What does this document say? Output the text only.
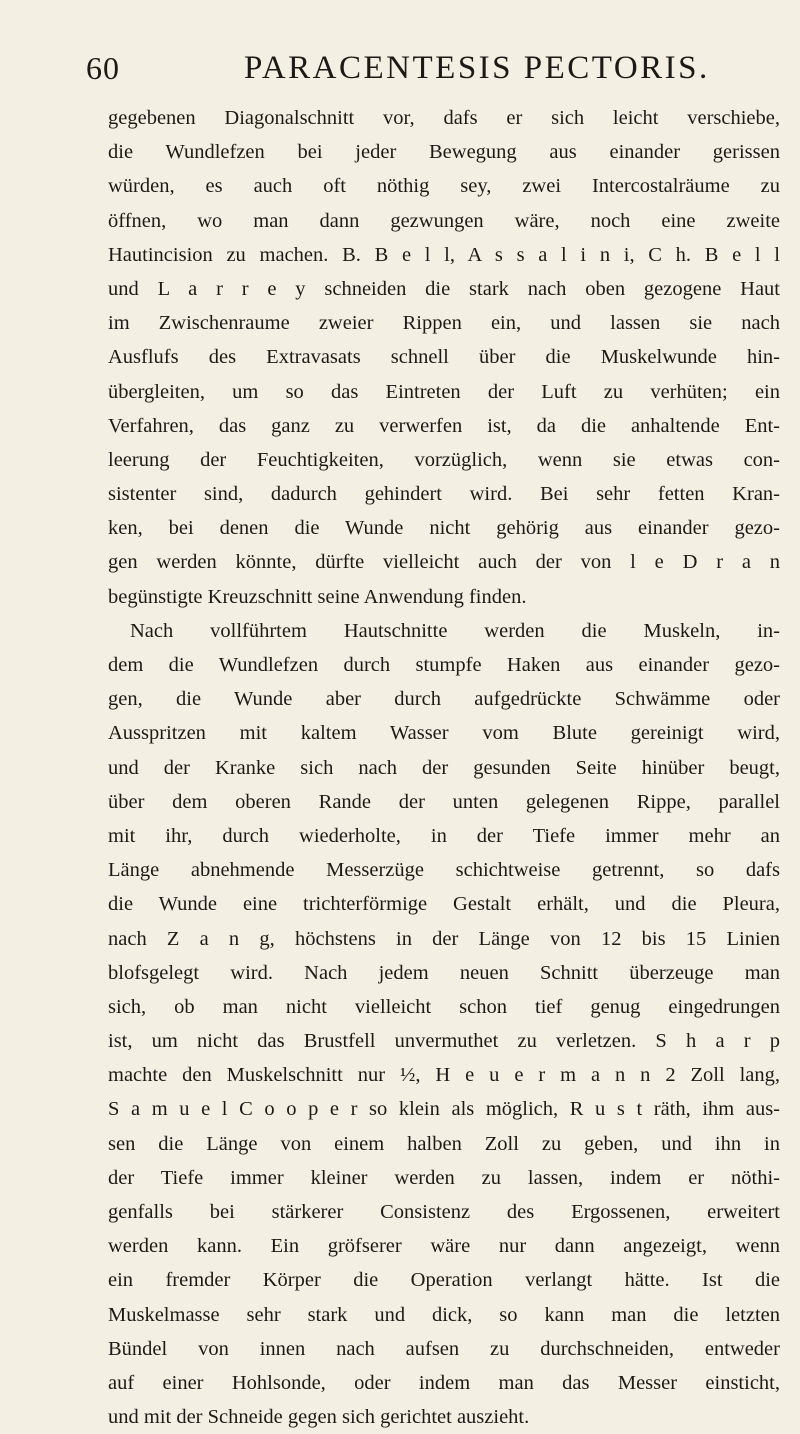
60	PARACENTESIS PECTORIS.
gegebenen Diagonalschnitt vor, dafs er sich leicht verschiebe,
die Wundlefzen bei jeder Bewegung aus einander gerissen
würden, es auch oft nöthig sey, zwei Intercostalräume zu
öffnen, wo man dann gezwungen wäre, noch eine zweite
Hautincision zu machen. B. B e l l, A s s a l i n i, C h. B e l l
und L a r r e y schneiden die stark nach oben gezogene Haut
im Zwischenraume zweier Rippen ein, und lassen sie nach
Ausflufs des Extravasats schnell über die Muskelwunde hin-
übergleiten, um so das Eintreten der Luft zu verhüten; ein
Verfahren, das ganz zu verwerfen ist, da die anhaltende Ent-
leerung der Feuchtigkeiten, vorzüglich, wenn sie etwas con-
sistenter sind, dadurch gehindert wird. Bei sehr fetten Kran-
ken, bei denen die Wunde nicht gehörig aus einander gezo-
gen werden könnte, dürfte vielleicht auch der von l e D r a n
begünstigte Kreuzschnitt seine Anwendung finden.
Nach vollführtem Hautschnitte werden die Muskeln, in-
dem die Wundlefzen durch stumpfe Haken aus einander gezo-
gen, die Wunde aber durch aufgedrückte Schwämme oder
Ausspritzen mit kaltem Wasser vom Blute gereinigt wird,
und der Kranke sich nach der gesunden Seite hinüber beugt,
über dem oberen Rande der unten gelegenen Rippe, parallel
mit ihr, durch wiederholte, in der Tiefe immer mehr an
Länge abnehmende Messerzüge schichtweise getrennt, so dafs
die Wunde eine trichterförmige Gestalt erhält, und die Pleura,
nach Z a n g, höchstens in der Länge von 12 bis 15 Linien
blofsgelegt wird. Nach jedem neuen Schnitt überzeuge man
sich, ob man nicht vielleicht schon tief genug eingedrungen
ist, um nicht das Brustfell unvermuthet zu verletzen. S h a r p
machte den Muskelschnitt nur ½, H e u e r m a n n 2 Zoll lang,
S a m u e l C o o p e r so klein als möglich, R u s t räth, ihm aus-
sen die Länge von einem halben Zoll zu geben, und ihn in
der Tiefe immer kleiner werden zu lassen, indem er nöthi-
genfalls bei stärkerer Consistenz des Ergossenen, erweitert
werden kann. Ein gröfserer wäre nur dann angezeigt, wenn
ein fremder Körper die Operation verlangt hätte. Ist die
Muskelmasse sehr stark und dick, so kann man die letzten
Bündel von innen nach aufsen zu durchschneiden, entweder
auf einer Hohlsonde, oder indem man das Messer einsticht,
und mit der Schneide gegen sich gerichtet auszieht.
